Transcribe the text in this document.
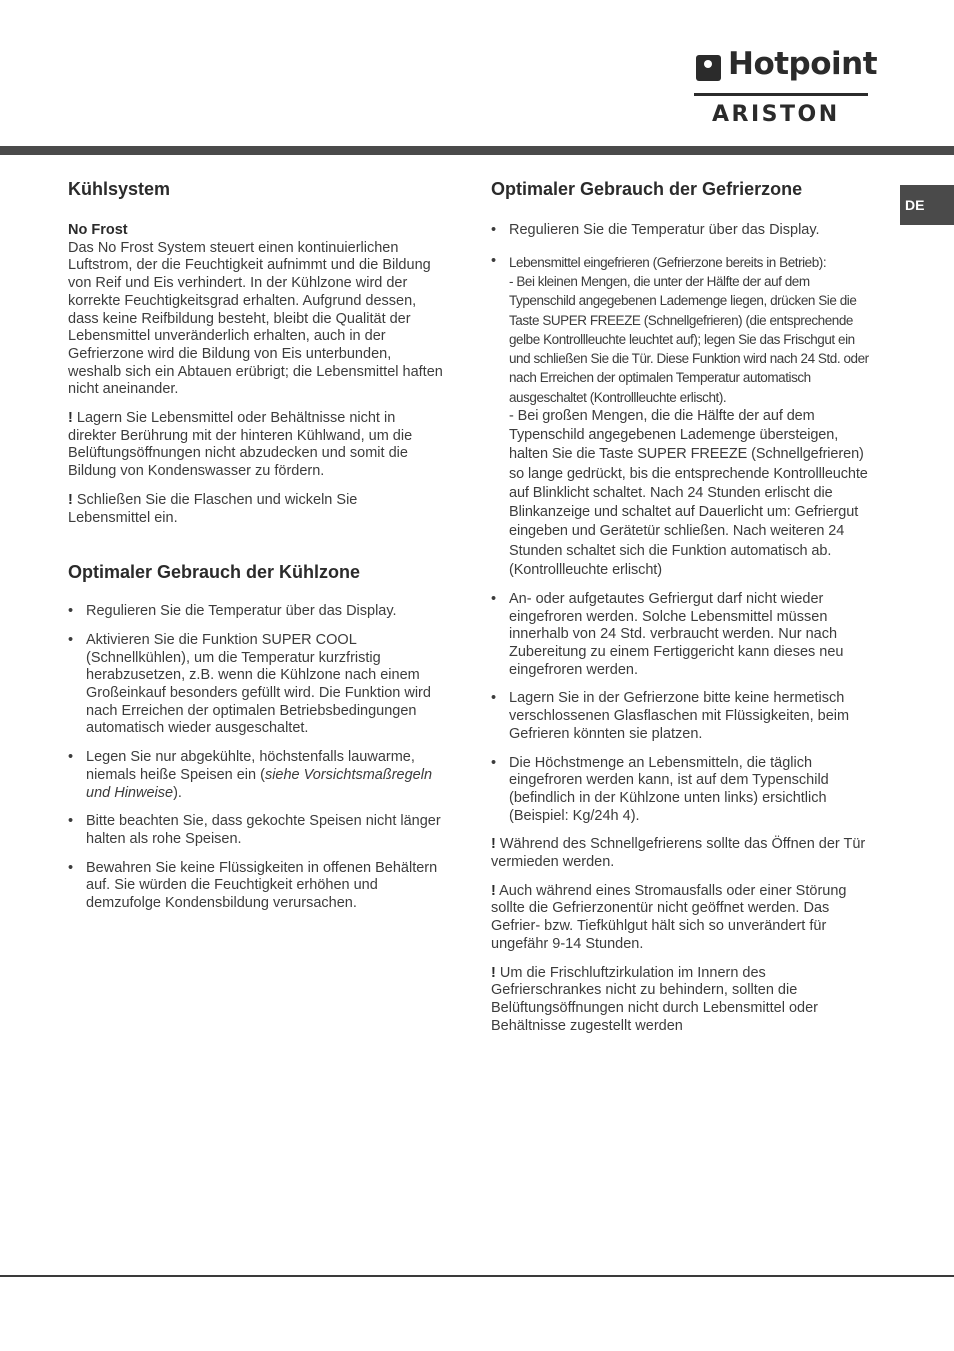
Hotpoint
ARISTON
DE
Kühlsystem
No Frost

Das No Frost System steuert einen kontinuierlichen Luftstrom, der die Feuchtigkeit aufnimmt und die Bildung von Reif und Eis verhindert. In der Kühlzone wird der korrekte Feuchtigkeitsgrad erhalten. Aufgrund dessen, dass keine Reifbildung besteht, bleibt die Qualität der Lebensmittel unveränderlich erhalten, auch in der Gefrierzone wird die Bildung von Eis unterbunden, weshalb sich ein Abtauen erübrigt; die Lebensmittel haften nicht aneinander.

! Lagern Sie Lebensmittel oder Behältnisse nicht in direkter Berührung mit der hinteren Kühlwand, um die Belüftungsöffnungen nicht abzudecken und somit die Bildung von Kondenswasser zu fördern.

! Schließen Sie die Flaschen und wickeln Sie Lebensmittel ein.

Optimaler Gebrauch der Kühlzone
• Regulieren Sie die Temperatur über das Display.
• Aktivieren Sie die Funktion SUPER COOL (Schnellkühlen), um die Temperatur kurzfristig herabzusetzen, z.B. wenn die Kühlzone nach einem Großeinkauf besonders gefüllt wird. Die Funktion wird nach Erreichen der optimalen Betriebsbedingungen automatisch wieder ausgeschaltet.
• Legen Sie nur abgekühlte, höchstenfalls lauwarme, niemals heiße Speisen ein (siehe Vorsichtsmaßregeln und Hinweise).
• Bitte beachten Sie, dass gekochte Speisen nicht länger halten als rohe Speisen.
• Bewahren Sie keine Flüssigkeiten in offenen Behältern auf. Sie würden die Feuchtigkeit erhöhen und demzufolge Kondensbildung verursachen.
Optimaler Gebrauch der Gefrierzone
• Regulieren Sie die Temperatur über das Display.
• Lebensmittel eingefrieren (Gefrierzone bereits in Betrieb):
- Bei kleinen Mengen, die unter der Hälfte der auf dem Typenschild angegebenen Lademenge liegen, drücken Sie die Taste SUPER FREEZE (Schnellgefrieren) (die entsprechende gelbe Kontrollleuchte leuchtet auf); legen Sie das Frischgut ein und schließen Sie die Tür. Diese Funktion wird nach 24 Std. oder nach Erreichen der optimalen Temperatur automatisch ausgeschaltet (Kontrollleuchte erlischt).
- Bei großen Mengen, die die Hälfte der auf dem Typenschild angegebenen Lademenge übersteigen, halten Sie die Taste SUPER FREEZE (Schnellgefrieren) so lange gedrückt, bis die entsprechende Kontrollleuchte auf Blinklicht schaltet. Nach 24 Stunden erlischt die Blinkanzeige und schaltet auf Dauerlicht um: Gefriergut eingeben und Gerätetür schließen. Nach weiteren 24 Stunden schaltet sich die Funktion automatisch ab. (Kontrollleuchte erlischt)
• An- oder aufgetautes Gefriergut darf nicht wieder eingefroren werden. Solche Lebensmittel müssen innerhalb von 24 Std. verbraucht werden. Nur nach Zubereitung zu einem Fertiggericht kann dieses neu eingefroren werden.
• Lagern Sie in der Gefrierzone bitte keine hermetisch verschlossenen Glasflaschen mit Flüssigkeiten, beim Gefrieren könnten sie platzen.
• Die Höchstmenge an Lebensmitteln, die täglich eingefroren werden kann, ist auf dem Typenschild (befindlich in der Kühlzone unten links) ersichtlich (Beispiel: Kg/24h 4).

! Während des Schnellgefrierens sollte das Öffnen der Tür vermieden werden.

! Auch während eines Stromausfalls oder einer Störung sollte die Gefrierzonentür nicht geöffnet werden. Das Gefrier- bzw. Tiefkühlgut hält sich so unverändert für ungefähr 9-14 Stunden.

! Um die Frischluftzirkulation im Innern des Gefrierschrankes nicht zu behindern, sollten die Belüftungsöffnungen nicht durch Lebensmittel oder Behältnisse zugestellt werden
